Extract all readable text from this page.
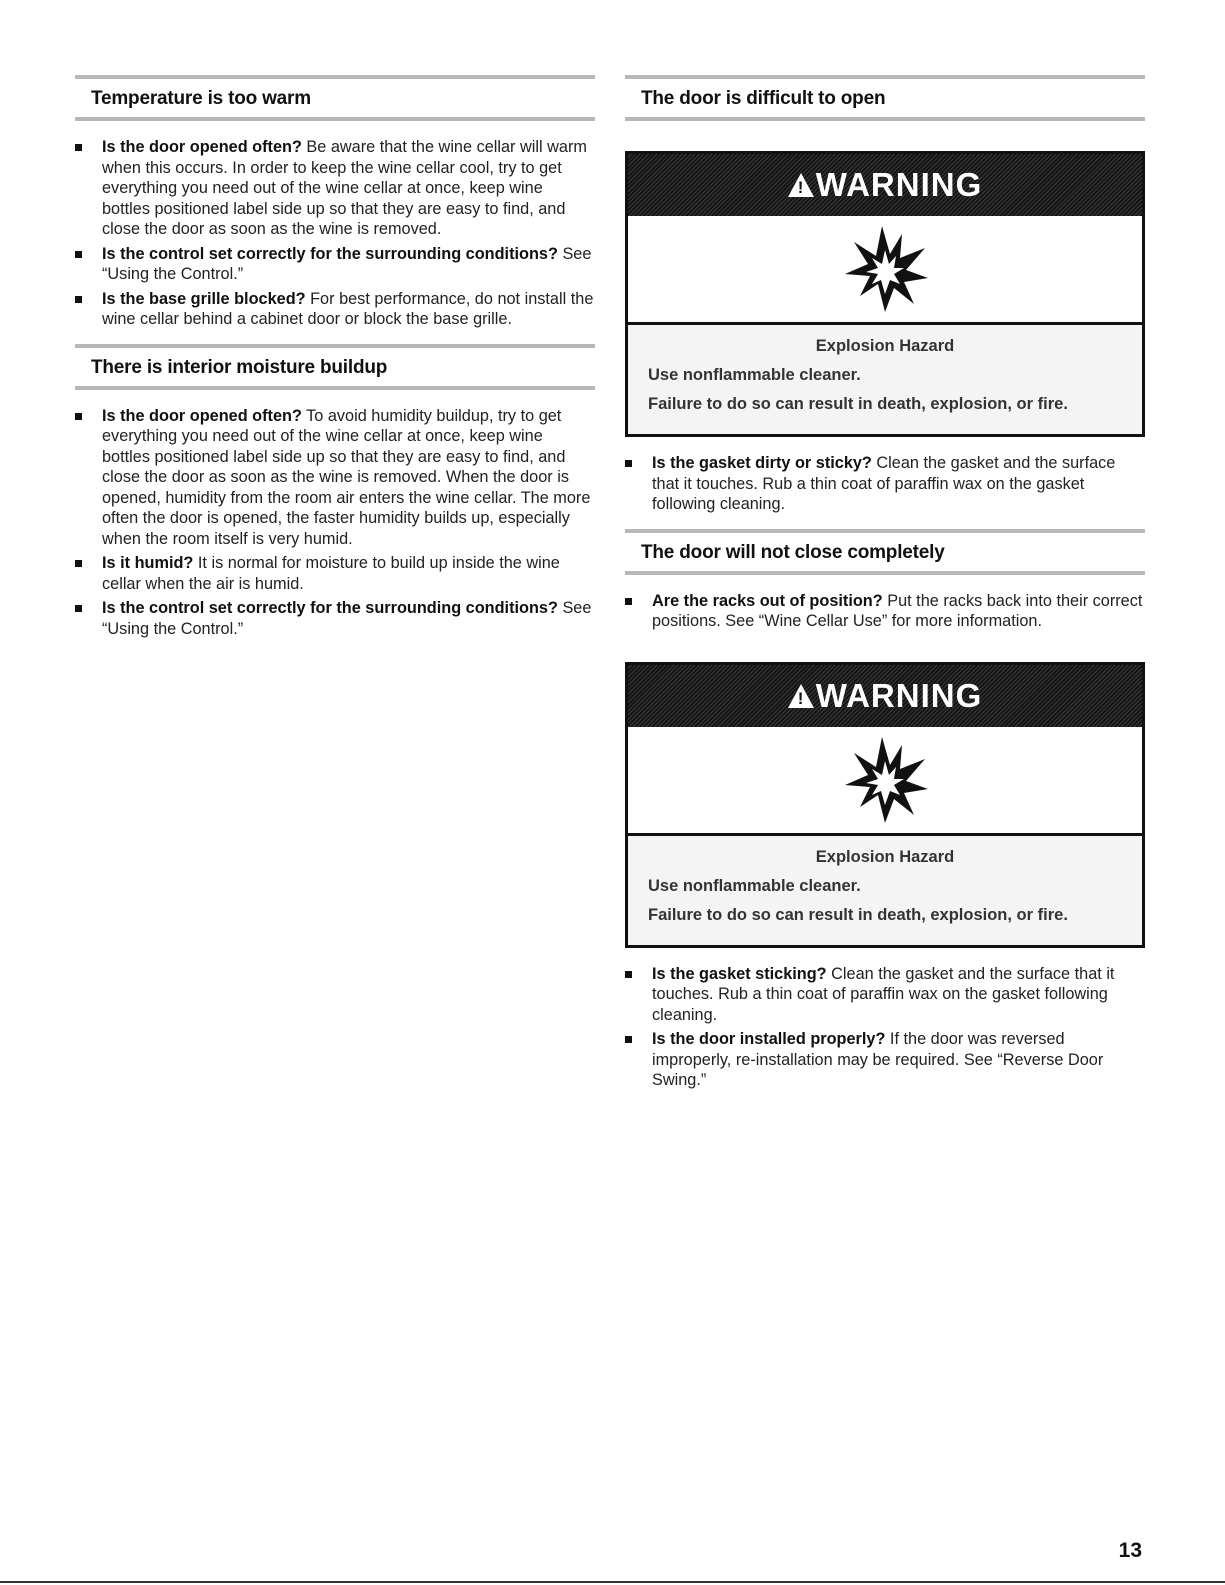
Temperature is too warm
Is the door opened often? Be aware that the wine cellar will warm when this occurs. In order to keep the wine cellar cool, try to get everything you need out of the wine cellar at once, keep wine bottles positioned label side up so that they are easy to find, and close the door as soon as the wine is removed.
Is the control set correctly for the surrounding conditions? See “Using the Control.”
Is the base grille blocked? For best performance, do not install the wine cellar behind a cabinet door or block the base grille.
There is interior moisture buildup
Is the door opened often? To avoid humidity buildup, try to get everything you need out of the wine cellar at once, keep wine bottles positioned label side up so that they are easy to find, and close the door as soon as the wine is removed. When the door is opened, humidity from the room air enters the wine cellar. The more often the door is opened, the faster humidity builds up, especially when the room itself is very humid.
Is it humid? It is normal for moisture to build up inside the wine cellar when the air is humid.
Is the control set correctly for the surrounding conditions? See “Using the Control.”
The door is difficult to open
! WARNING

Explosion Hazard

Use nonflammable cleaner.

Failure to do so can result in death, explosion, or fire.

Is the gasket dirty or sticky? Clean the gasket and the surface that it touches. Rub a thin coat of paraffin wax on the gasket following cleaning.
The door will not close completely
Are the racks out of position? Put the racks back into their correct positions. See “Wine Cellar Use” for more information.
! WARNING

Explosion Hazard

Use nonflammable cleaner.

Failure to do so can result in death, explosion, or fire.

Is the gasket sticking? Clean the gasket and the surface that it touches. Rub a thin coat of paraffin wax on the gasket following cleaning.
Is the door installed properly? If the door was reversed improperly, re-installation may be required. See “Reverse Door Swing.”
13
